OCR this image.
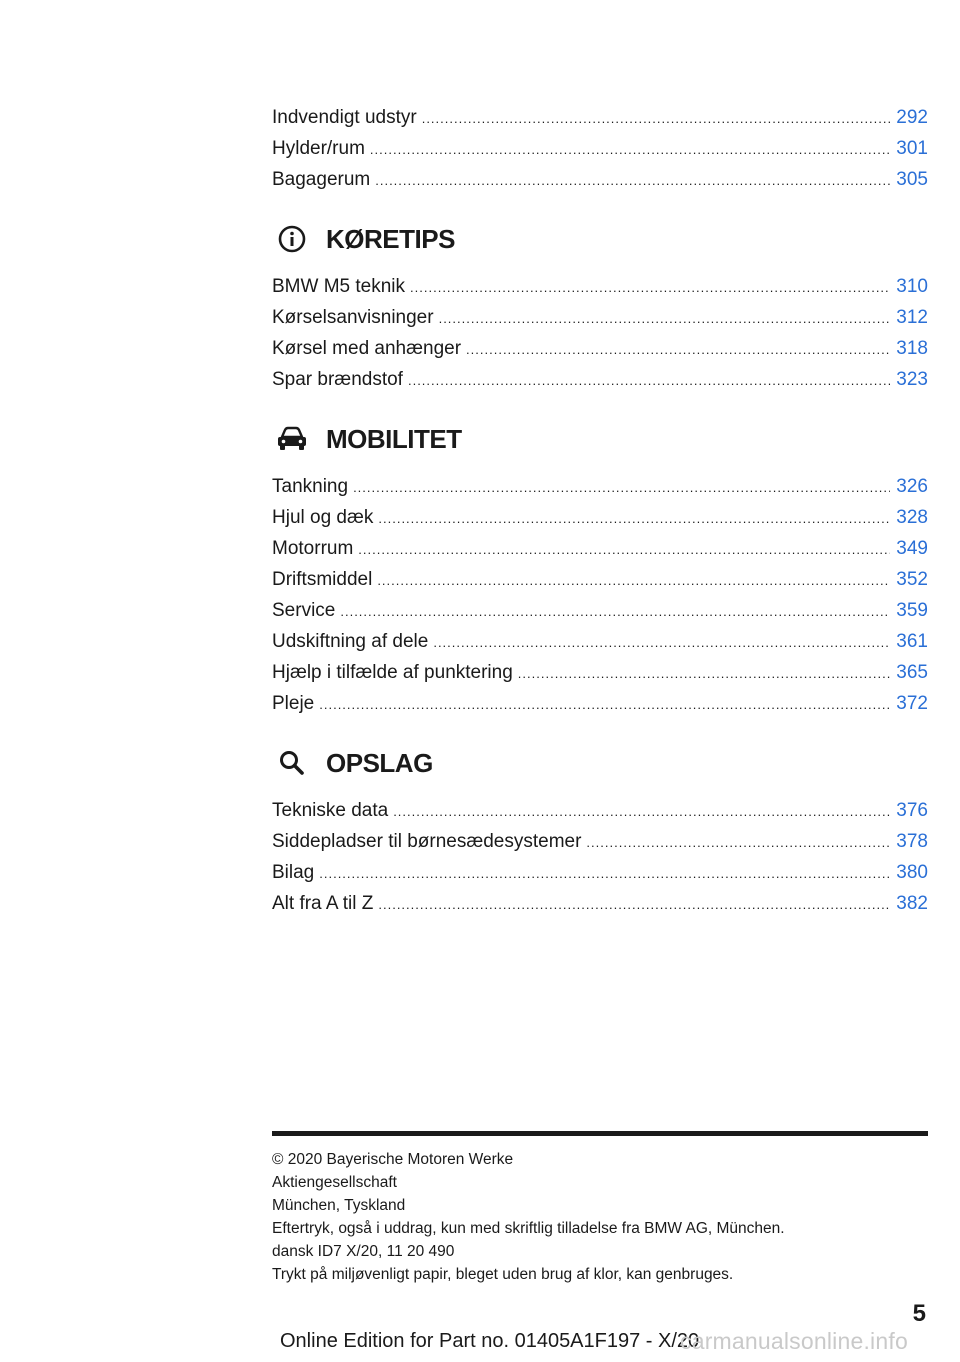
Indvendigt udstyr .....	292
Hylder/rum .....	301
Bagagerum .....	305
KØRETIPS
BMW M5 teknik .....	310
Kørselsanvisninger .....	312
Kørsel med anhænger .....	318
Spar brændstof .....	323
MOBILITET
Tankning .....	326
Hjul og dæk .....	328
Motorrum .....	349
Driftsmiddel .....	352
Service .....	359
Udskiftning af dele .....	361
Hjælp i tilfælde af punktering .....	365
Pleje .....	372
OPSLAG
Tekniske data .....	376
Siddepladser til børnesædesystemer .....	378
Bilag .....	380
Alt fra A til Z .....	382
© 2020 Bayerische Motoren Werke
Aktiengesellschaft
München, Tyskland
Eftertryk, også i uddrag, kun med skriftlig tilladelse fra BMW AG, München.
dansk ID7 X/20, 11 20 490
Trykt på miljøvenligt papir, bleget uden brug af klor, kan genbruges.
5
Online Edition for Part no. 01405A1F197 - X/20
carmanualsonline.info
